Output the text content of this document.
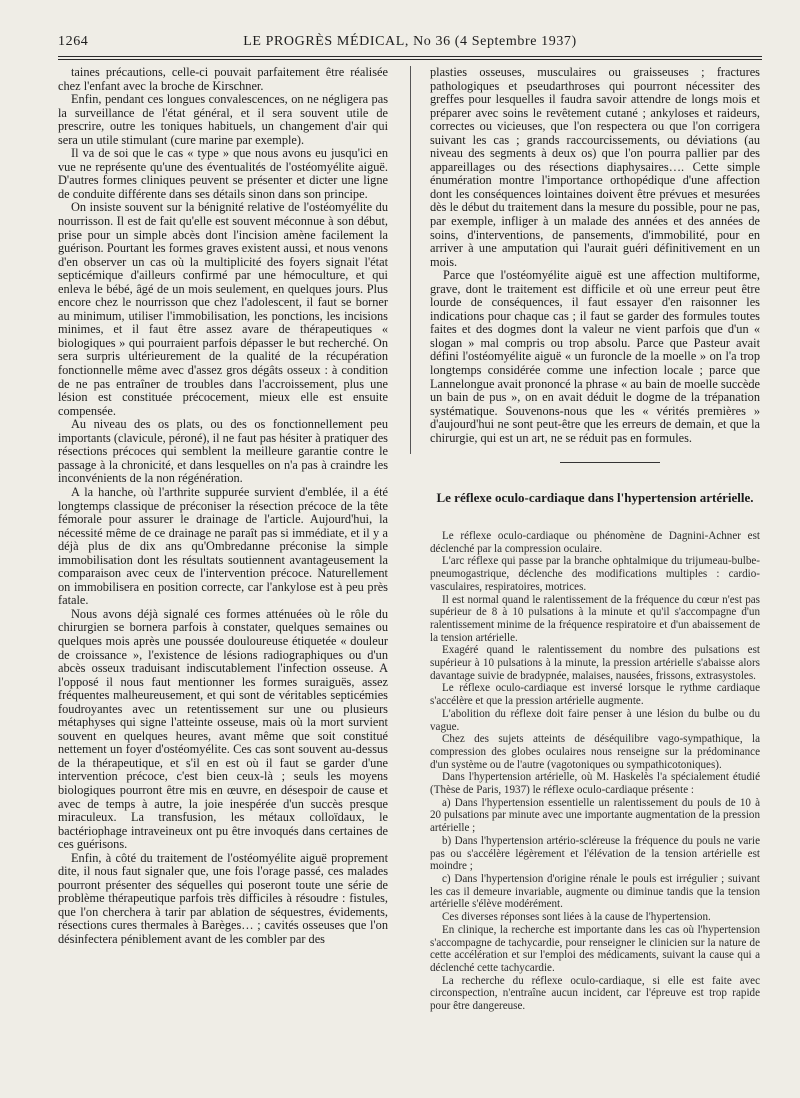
1264	LE PROGRÈS MÉDICAL, No 36 (4 Septembre 1937)

taines précautions, celle-ci pouvait parfaitement être réalisée chez l'enfant avec la broche de Kirschner.

Enfin, pendant ces longues convalescences, on ne négligera pas la surveillance de l'état général, et il sera souvent utile de prescrire, outre les toniques habituels, un changement d'air qui sera un utile stimulant (cure marine par exemple).

Il va de soi que le cas « type » que nous avons eu jusqu'ici en vue ne représente qu'une des éventualités de l'ostéomyélite aiguë. D'autres formes cliniques peuvent se présenter et dicter une ligne de conduite différente dans ses détails sinon dans son principe.

On insiste souvent sur la bénignité relative de l'ostéomyélite du nourrisson. Il est de fait qu'elle est souvent méconnue à son début, prise pour un simple abcès dont l'incision amène facilement la guérison. Pourtant les formes graves existent aussi, et nous venons d'en observer un cas où la multiplicité des foyers signait l'état septicémique d'ailleurs confirmé par une hémoculture, et qui enleva le bébé, âgé de un mois seulement, en quelques jours. Plus encore chez le nourrisson que chez l'adolescent, il faut se borner au minimum, utiliser l'immobilisation, les ponctions, les incisions minimes, et il faut être assez avare de thérapeutiques « biologiques » qui pourraient parfois dépasser le but recherché. On sera surpris ultérieurement de la qualité de la récupération fonctionnelle même avec d'assez gros dégâts osseux : à condition de ne pas entraîner de troubles dans l'accroissement, plus une lésion est constituée précocement, mieux elle est ensuite compensée.

Au niveau des os plats, ou des os fonctionnellement peu importants (clavicule, péroné), il ne faut pas hésiter à pratiquer des résections précoces qui semblent la meilleure garantie contre le passage à la chronicité, et dans lesquelles on n'a pas à craindre les inconvénients de la non régénération.

A la hanche, où l'arthrite suppurée survient d'emblée, il a été longtemps classique de préconiser la résection précoce de la tête fémorale pour assurer le drainage de l'article. Aujourd'hui, la nécessité même de ce drainage ne paraît pas si immédiate, et il y a déjà plus de dix ans qu'Ombredanne préconise la simple immobilisation dont les résultats soutiennent avantageusement la comparaison avec ceux de l'intervention précoce. Naturellement on immobilisera en position correcte, car l'ankylose est à peu près fatale.

Nous avons déjà signalé ces formes atténuées où le rôle du chirurgien se bornera parfois à constater, quelques semaines ou quelques mois après une poussée douloureuse étiquetée « douleur de croissance », l'existence de lésions radiographiques ou d'un abcès osseux traduisant indiscutablement l'infection osseuse. A l'opposé il nous faut mentionner les formes suraiguës, assez fréquentes malheureusement, et qui sont de véritables septicémies foudroyantes avec un retentissement sur une ou plusieurs métaphyses qui signe l'atteinte osseuse, mais où la mort survient souvent en quelques heures, avant même que soit constitué nettement un foyer d'ostéomyélite. Ces cas sont souvent au-dessus de la thérapeutique, et s'il en est où il faut se garder d'une intervention précoce, c'est bien ceux-là ; seuls les moyens biologiques pourront être mis en œuvre, en désespoir de cause et avec de temps à autre, la joie inespérée d'un succès presque miraculeux. La transfusion, les métaux colloïdaux, le bactériophage intraveineux ont pu être invoqués dans certaines de ces guérisons.

Enfin, à côté du traitement de l'ostéomyélite aiguë proprement dite, il nous faut signaler que, une fois l'orage passé, ces malades pourront présenter des séquelles qui poseront toute une série de problème thérapeutique parfois très difficiles à résoudre : fistules, que l'on cherchera à tarir par ablation de séquestres, évidements, résections cures thermales à Barèges… ; cavités osseuses que l'on désinfectera péniblement avant de les combler par des

plasties osseuses, musculaires ou graisseuses ; fractures pathologiques et pseudarthroses qui pourront nécessiter des greffes pour lesquelles il faudra savoir attendre de longs mois et préparer avec soins le revêtement cutané ; ankyloses et raideurs, correctes ou vicieuses, que l'on respectera ou que l'on corrigera suivant les cas ; grands raccourcissements, ou déviations (au niveau des segments à deux os) que l'on pourra pallier par des appareillages ou des résections diaphysaires…. Cette simple énumération montre l'importance orthopédique d'une affection dont les conséquences lointaines doivent être prévues et mesurées dès le début du traitement dans la mesure du possible, pour ne pas, par exemple, infliger à un malade des années et des années de soins, d'interventions, de pansements, d'immobilité, pour en arriver à une amputation qui l'aurait guéri définitivement en un mois.

Parce que l'ostéomyélite aiguë est une affection multiforme, grave, dont le traitement est difficile et où une erreur peut être lourde de conséquences, il faut essayer d'en raisonner les indications pour chaque cas ; il faut se garder des formules toutes faites et des dogmes dont la valeur ne vient parfois que d'un « slogan » mal compris ou trop absolu. Parce que Pasteur avait défini l'ostéomyélite aiguë « un furoncle de la moelle » on l'a trop longtemps considérée comme une infection locale ; parce que Lannelongue avait prononcé la phrase « au bain de moelle succède un bain de pus », on en avait déduit le dogme de la trépanation systématique. Souvenons-nous que les « vérités premières » d'aujourd'hui ne sont peut-être que les erreurs de demain, et que la chirurgie, qui est un art, ne se réduit pas en formules.

Le réflexe oculo-cardiaque dans l'hypertension artérielle.

Le réflexe oculo-cardiaque ou phénomène de Dagnini-Achner est déclenché par la compression oculaire.

L'arc réflexe qui passe par la branche ophtalmique du trijumeau-bulbe-pneumogastrique, déclenche des modifications multiples : cardio-vasculaires, respiratoires, motrices.

Il est normal quand le ralentissement de la fréquence du cœur n'est pas supérieur de 8 à 10 pulsations à la minute et qu'il s'accompagne d'un ralentissement minime de la fréquence respiratoire et d'un abaissement de la tension artérielle.

Exagéré quand le ralentissement du nombre des pulsations est supérieur à 10 pulsations à la minute, la pression artérielle s'abaisse alors davantage suivie de bradypnée, malaises, nausées, frissons, extrasystoles.

Le réflexe oculo-cardiaque est inversé lorsque le rythme cardiaque s'accélère et que la pression artérielle augmente.

L'abolition du réflexe doit faire penser à une lésion du bulbe ou du vague.

Chez des sujets atteints de déséquilibre vago-sympathique, la compression des globes oculaires nous renseigne sur la prédominance d'un système ou de l'autre (vagotoniques ou sympathicotoniques).

Dans l'hypertension artérielle, où M. Haskelès l'a spécialement étudié (Thèse de Paris, 1937) le réflexe oculo-cardiaque présente :

a) Dans l'hypertension essentielle un ralentissement du pouls de 10 à 20 pulsations par minute avec une importante augmentation de la pression artérielle ;

b) Dans l'hypertension artério-scléreuse la fréquence du pouls ne varie pas ou s'accélère légèrement et l'élévation de la tension artérielle est moindre ;

c) Dans l'hypertension d'origine rénale le pouls est irrégulier ; suivant les cas il demeure invariable, augmente ou diminue tandis que la tension artérielle s'élève modérément.

Ces diverses réponses sont liées à la cause de l'hypertension.

En clinique, la recherche est importante dans les cas où l'hypertension s'accompagne de tachycardie, pour renseigner le clinicien sur la nature de cette accélération et sur l'emploi des médicaments, suivant la cause qui a déclenché cette tachycardie.

La recherche du réflexe oculo-cardiaque, si elle est faite avec circonspection, n'entraîne aucun incident, car l'épreuve est trop rapide pour être dangereuse.
